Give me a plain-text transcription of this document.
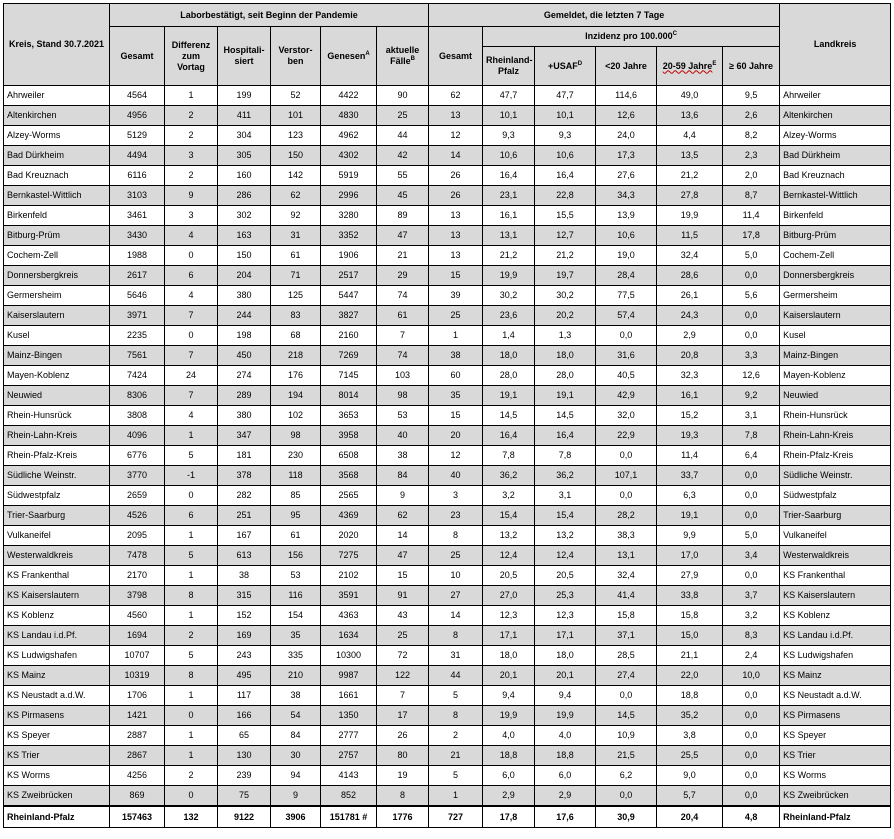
Kreis, Stand 30.7.2021	Laborbestätigt, seit Beginn der Pandemie						Gemeldet, die letzten 7 Tage						Landkreis
	Gesamt	Differenz zum Vortag	Hospitali-siert	Verstor-ben	Genesen$^A$	aktuelle Fälle$^B$	Gesamt	Inzidenz pro $100.000^C$
								Rheinland-Pfalz	$+USAF^D$	<20 Jahre	20-59 Jahre$^E$	≥ 60 Jahre	
Ahrweiler	4564	1	199	52	4422	90	62	47,7	47,7	114,6	49,0	9,5	Ahrweiler
Altenkirchen	4956	2	411	101	4830	25	13	10,1	10,1	12,6	13,6	2,6	Altenkirchen
Alzey-Worms	5129	2	304	123	4962	44	12	9,3	9,3	24,0	4,4	8,2	Alzey-Worms
Bad Dürkheim	4494	3	305	150	4302	42	14	10,6	10,6	17,3	13,5	2,3	Bad Dürkheim
Bad Kreuznach	6116	2	160	142	5919	55	26	16,4	16,4	27,6	21,2	2,0	Bad Kreuznach
Bernkastel-Wittlich	3103	9	286	62	2996	45	26	23,1	22,8	34,3	27,8	8,7	Bernkastel-Wittlich
Birkenfeld	3461	3	302	92	3280	89	13	16,1	15,5	13,9	19,9	11,4	Birkenfeld
Bitburg-Prüm	3430	4	163	31	3352	47	13	13,1	12,7	10,6	11,5	17,8	Bitburg-Prüm
Cochem-Zell	1988	0	150	61	1906	21	13	21,2	21,2	19,0	32,4	5,0	Cochem-Zell
Donnersbergkreis	2617	6	204	71	2517	29	15	19,9	19,7	28,4	28,6	0,0	Donnersbergkreis
Germersheim	5646	4	380	125	5447	74	39	30,2	30,2	77,5	26,1	5,6	Germersheim
Kaiserslautern	3971	7	244	83	3827	61	25	23,6	20,2	57,4	24,3	0,0	Kaiserslautern
Kusel	2235	0	198	68	2160	7	1	1,4	1,3	0,0	2,9	0,0	Kusel
Mainz-Bingen	7561	7	450	218	7269	74	38	18,0	18,0	31,6	20,8	3,3	Mainz-Bingen
Mayen-Koblenz	7424	24	274	176	7145	103	60	28,0	28,0	40,5	32,3	12,6	Mayen-Koblenz
Neuwied	8306	7	289	194	8014	98	35	19,1	19,1	42,9	16,1	9,2	Neuwied
Rhein-Hunsrück	3808	4	380	102	3653	53	15	14,5	14,5	32,0	15,2	3,1	Rhein-Hunsrück
Rhein-Lahn-Kreis	4096	1	347	98	3958	40	20	16,4	16,4	22,9	19,3	7,8	Rhein-Lahn-Kreis
Rhein-Pfalz-Kreis	6776	5	181	230	6508	38	12	7,8	7,8	0,0	11,4	6,4	Rhein-Pfalz-Kreis
Südliche Weinstr.	3770	-1	378	118	3568	84	40	36,2	36,2	107,1	33,7	0,0	Südliche Weinstr.
Südwestpfalz	2659	0	282	85	2565	9	3	3,2	3,1	0,0	6,3	0,0	Südwestpfalz
Trier-Saarburg	4526	6	251	95	4369	62	23	15,4	15,4	28,2	19,1	0,0	Trier-Saarburg
Vulkaneifel	2095	1	167	61	2020	14	8	13,2	13,2	38,3	9,9	5,0	Vulkaneifel
Westerwaldkreis	7478	5	613	156	7275	47	25	12,4	12,4	13,1	17,0	3,4	Westerwaldkreis
KS Frankenthal	2170	1	38	53	2102	15	10	20,5	20,5	32,4	27,9	0,0	KS Frankenthal
KS Kaiserslautern	3798	8	315	116	3591	91	27	27,0	25,3	41,4	33,8	3,7	KS Kaiserslautern
KS Koblenz	4560	1	152	154	4363	43	14	12,3	12,3	15,8	15,8	3,2	KS Koblenz
KS Landau i.d.Pf.	1694	2	169	35	1634	25	8	17,1	17,1	37,1	15,0	8,3	KS Landau i.d.Pf.
KS Ludwigshafen	10707	5	243	335	10300	72	31	18,0	18,0	28,5	21,1	2,4	KS Ludwigshafen
KS Mainz	10319	8	495	210	9987	122	44	20,1	20,1	27,4	22,0	10,0	KS Mainz
KS Neustadt a.d.W.	1706	1	117	38	1661	7	5	9,4	9,4	0,0	18,8	0,0	KS Neustadt a.d.W.
KS Pirmasens	1421	0	166	54	1350	17	8	19,9	19,9	14,5	35,2	0,0	KS Pirmasens
KS Speyer	2887	1	65	84	2777	26	2	4,0	4,0	10,9	3,8	0,0	KS Speyer
KS Trier	2867	1	130	30	2757	80	21	18,8	18,8	21,5	25,5	0,0	KS Trier
KS Worms	4256	2	239	94	4143	19	5	6,0	6,0	6,2	9,0	0,0	KS Worms
KS Zweibrücken	869	0	75	9	852	8	1	2,9	2,9	0,0	5,7	0,0	KS Zweibrücken
Rheinland-Pfalz	157463	132	9122	3906	151781 #	1776	727	17,8	17,6	30,9	20,4	4,8	Rheinland-Pfalz
